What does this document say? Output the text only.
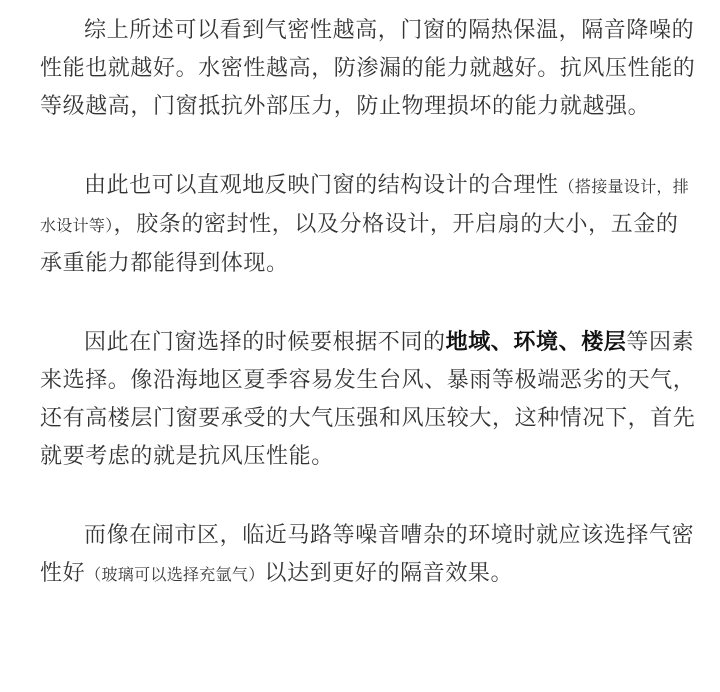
综上所述可以看到气密性越高，门窗的隔热保温，隔音降噪的性能也就越好。水密性越高，防渗漏的能力就越好。抗风压性能的等级越高，门窗抵抗外部压力，防止物理损坏的能力就越强。

由此也可以直观地反映门窗的结构设计的合理性（搭接量设计，排水设计等），胶条的密封性，以及分格设计，开启扇的大小，五金的承重能力都能得到体现。

因此在门窗选择的时候要根据不同的地域、环境、楼层等因素来选择。像沿海地区夏季容易发生台风、暴雨等极端恶劣的天气，还有高楼层门窗要承受的大气压强和风压较大，这种情况下，首先就要考虑的就是抗风压性能。

而像在闹市区，临近马路等噪音嘈杂的环境时就应该选择气密性好（玻璃可以选择充氩气）以达到更好的隔音效果。
